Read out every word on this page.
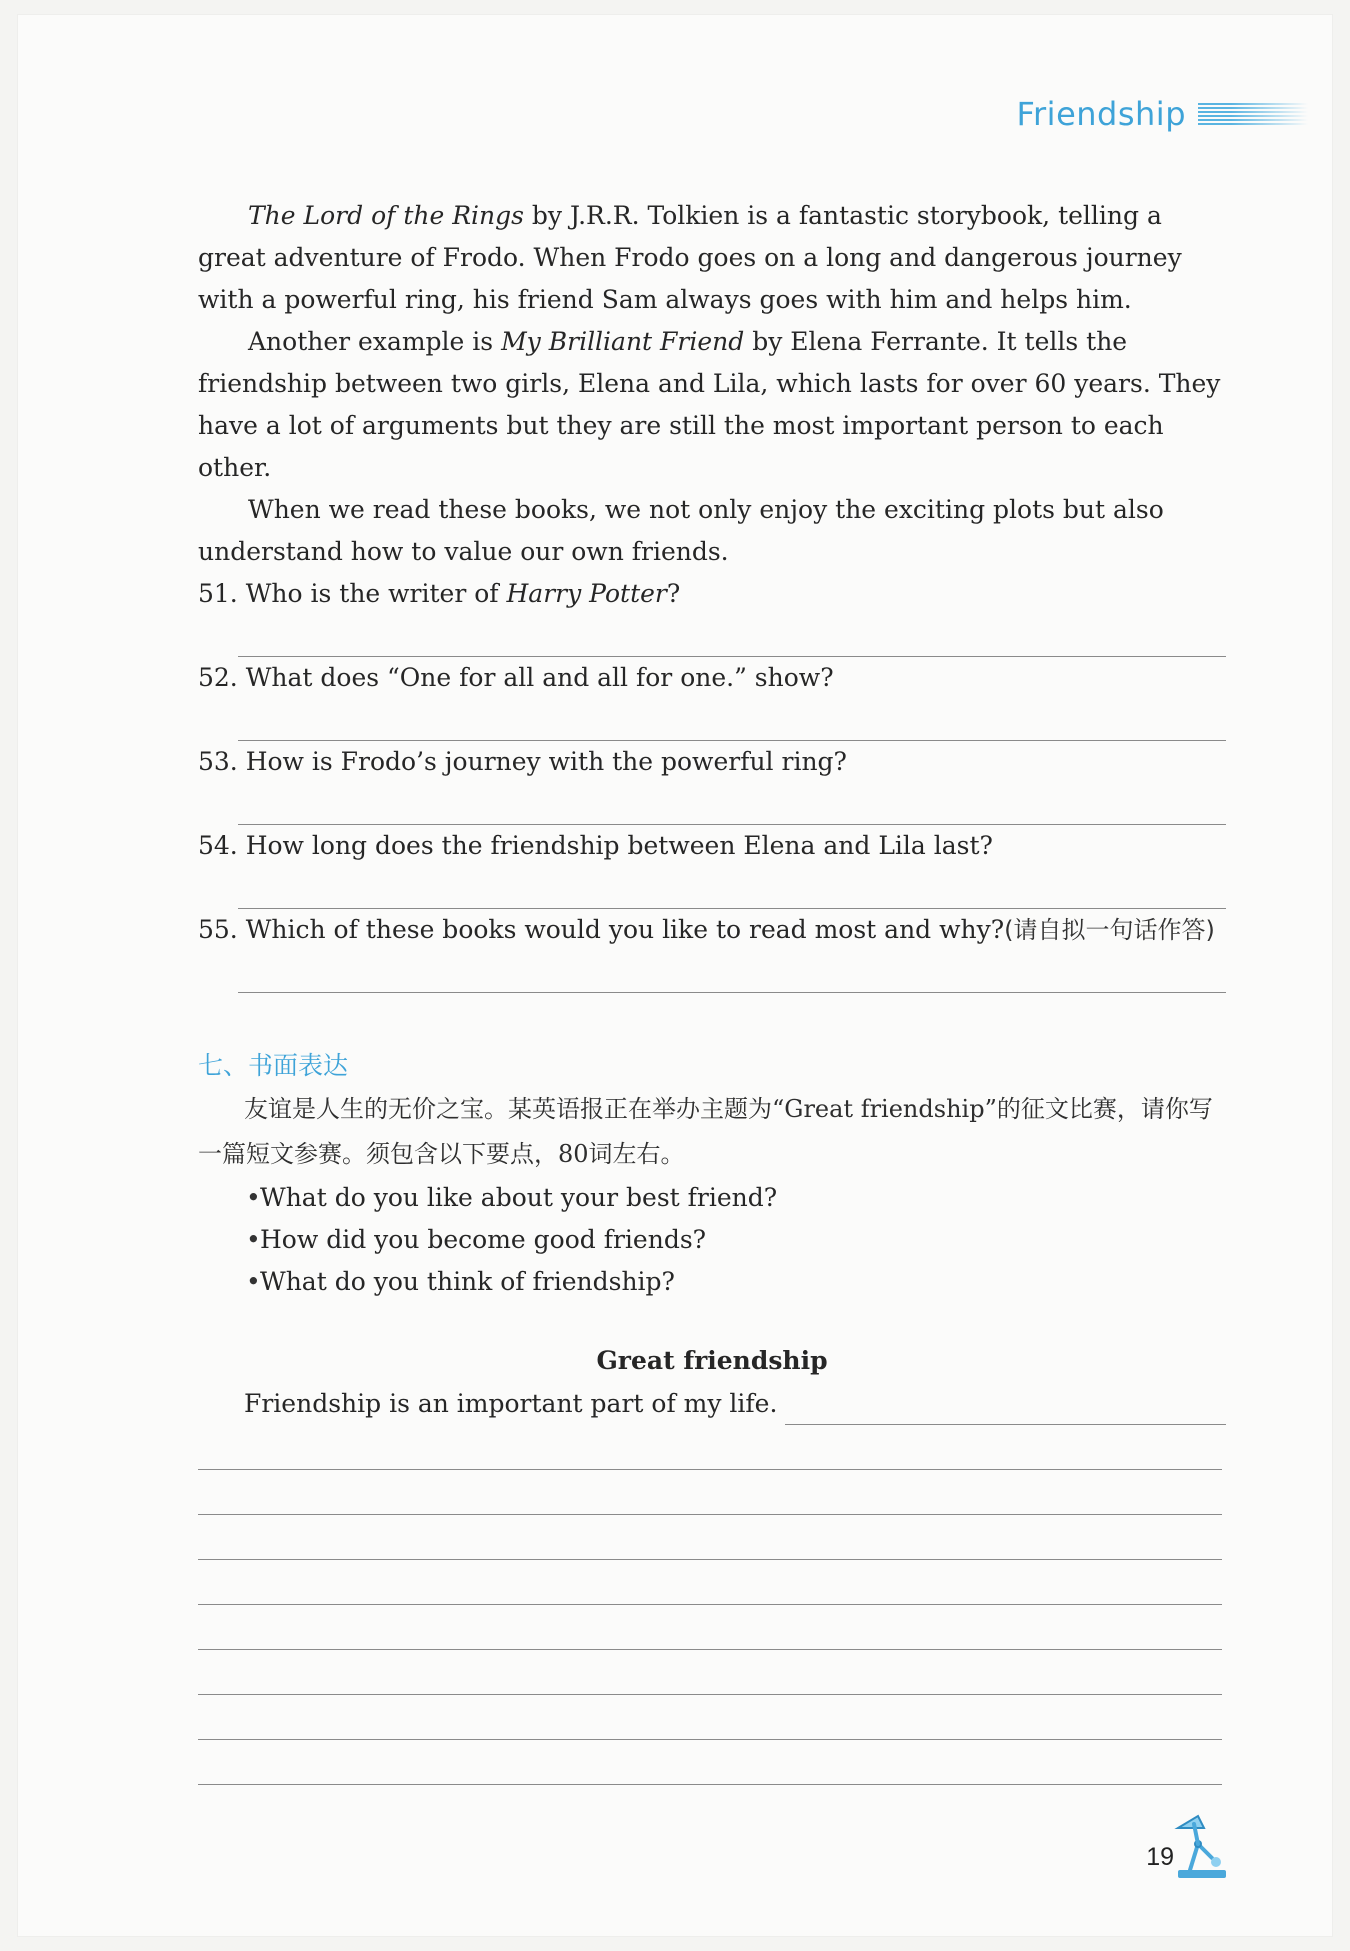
Friendship

The Lord of the Rings by J.R.R. Tolkien is a fantastic storybook, telling a great adventure of Frodo. When Frodo goes on a long and dangerous journey with a powerful ring, his friend Sam always goes with him and helps him.

Another example is My Brilliant Friend by Elena Ferrante. It tells the friendship between two girls, Elena and Lila, which lasts for over 60 years. They have a lot of arguments but they are still the most important person to each other.

When we read these books, we not only enjoy the exciting plots but also understand how to value our own friends.

51. Who is the writer of Harry Potter?

52. What does “One for all and all for one.” show?

53. How is Frodo’s journey with the powerful ring?

54. How long does the friendship between Elena and Lila last?

55. Which of these books would you like to read most and why?(请自拟一句话作答)

七、书面表达

友谊是人生的无价之宝。某英语报正在举办主题为“Great friendship”的征文比赛，请你写一篇短文参赛。须包含以下要点，80词左右。

•What do you like about your best friend?
•How did you become good friends?
•What do you think of friendship?
Great friendship
Friendship is an important part of my life.
19
